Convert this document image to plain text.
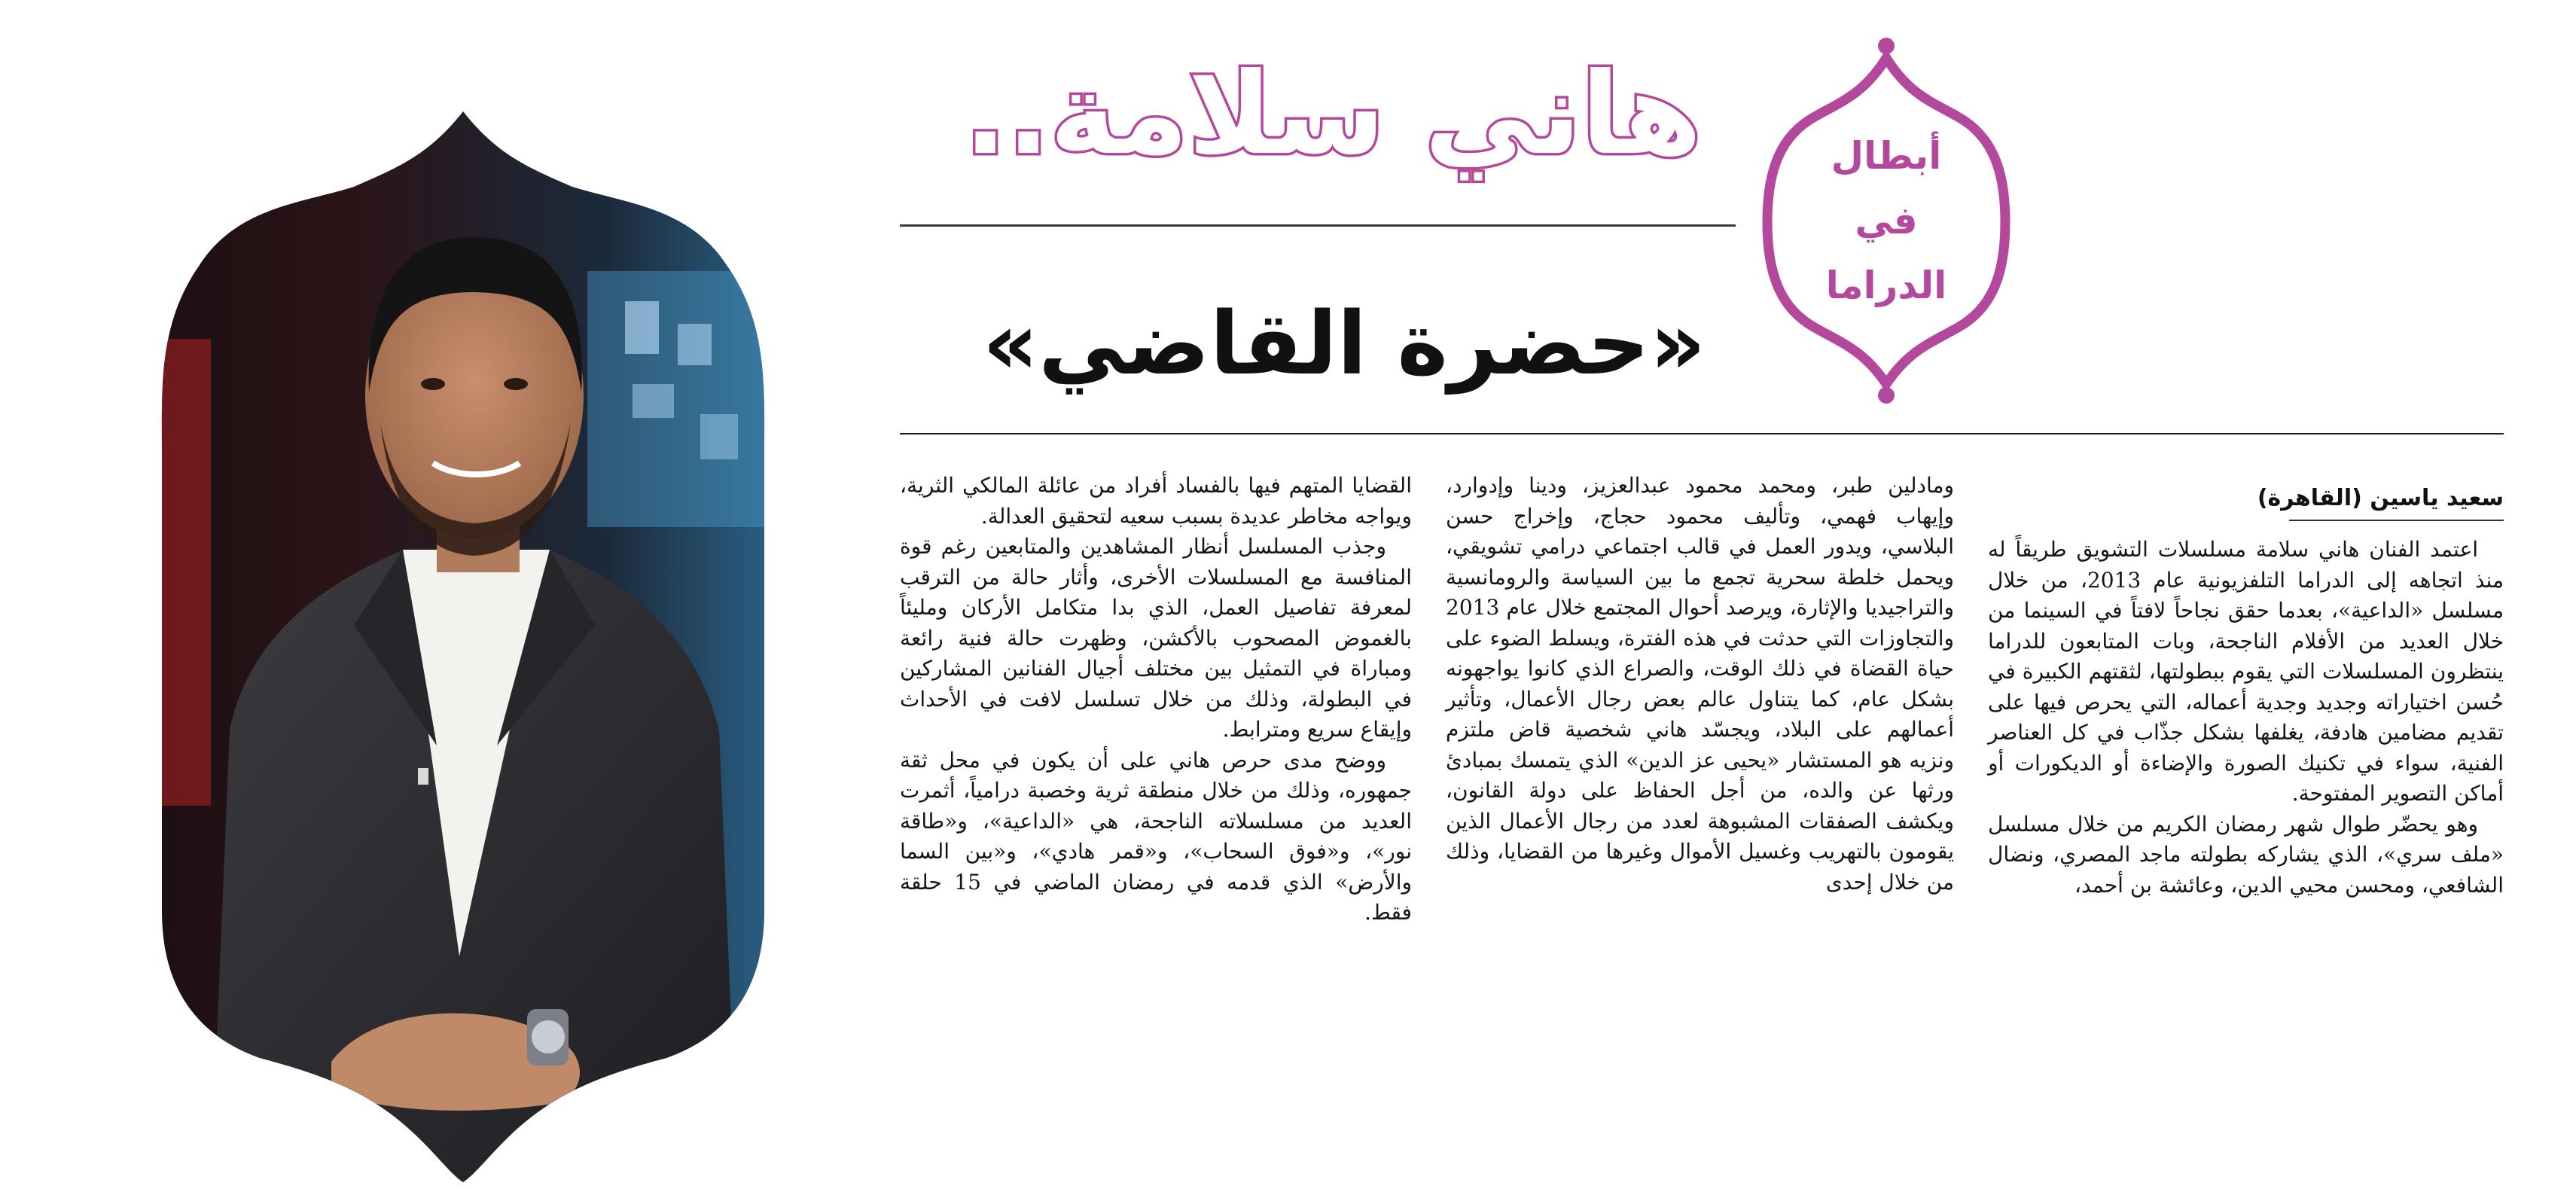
هاني سلامة..
«حضرة القاضي»
أبطال
في
الدراما
سعيد ياسين (القاهرة)

اعتمد الفنان هاني سلامة مسلسلات التشويق طريقاً له منذ اتجاهه إلى الدراما التلفزيونية عام 2013، من خلال مسلسل «الداعية»، بعدما حقق نجاحاً لافتاً في السينما من خلال العديد من الأفلام الناجحة، وبات المتابعون للدراما ينتظرون المسلسلات التي يقوم ببطولتها، لثقتهم الكبيرة في حُسن اختياراته وجديد وجدية أعماله، التي يحرص فيها على تقديم مضامين هادفة، يغلفها بشكل جذّاب في كل العناصر الفنية، سواء في تكنيك الصورة والإضاءة أو الديكورات أو أماكن التصوير المفتوحة.

وهو يحضّر طوال شهر رمضان الكريم من خلال مسلسل «ملف سري»، الذي يشاركه بطولته ماجد المصري، ونضال الشافعي، ومحسن محيي الدين، وعائشة بن أحمد،

ومادلين طبر، ومحمد محمود عبدالعزيز، ودينا وإدوارد، وإيهاب فهمي، وتأليف محمود حجاج، وإخراج حسن البلاسي، ويدور العمل في قالب اجتماعي درامي تشويقي، ويحمل خلطة سحرية تجمع ما بين السياسة والرومانسية والتراجيديا والإثارة، ويرصد أحوال المجتمع خلال عام 2013 والتجاوزات التي حدثت في هذه الفترة، ويسلط الضوء على حياة القضاة في ذلك الوقت، والصراع الذي كانوا يواجهونه بشكل عام، كما يتناول عالم بعض رجال الأعمال، وتأثير أعمالهم على البلاد، ويجسّد هاني شخصية قاض ملتزم ونزيه هو المستشار «يحيى عز الدين» الذي يتمسك بمبادئ ورثها عن والده، من أجل الحفاظ على دولة القانون، ويكشف الصفقات المشبوهة لعدد من رجال الأعمال الذين يقومون بالتهريب وغسيل الأموال وغيرها من القضايا، وذلك من خلال إحدى

القضايا المتهم فيها بالفساد أفراد من عائلة المالكي الثرية، ويواجه مخاطر عديدة بسبب سعيه لتحقيق العدالة.

وجذب المسلسل أنظار المشاهدين والمتابعين رغم قوة المنافسة مع المسلسلات الأخرى، وأثار حالة من الترقب لمعرفة تفاصيل العمل، الذي بدا متكامل الأركان ومليئاً بالغموض المصحوب بالأكشن، وظهرت حالة فنية رائعة ومباراة في التمثيل بين مختلف أجيال الفنانين المشاركين في البطولة، وذلك من خلال تسلسل لافت في الأحداث وإيقاع سريع ومترابط.

ووضح مدى حرص هاني على أن يكون في محل ثقة جمهوره، وذلك من خلال منطقة ثرية وخصبة درامياً، أثمرت العديد من مسلسلاته الناجحة، هي «الداعية»، و«طاقة نور»، و«فوق السحاب»، و«قمر هادي»، و«بين السما والأرض» الذي قدمه في رمضان الماضي في 15 حلقة فقط.
